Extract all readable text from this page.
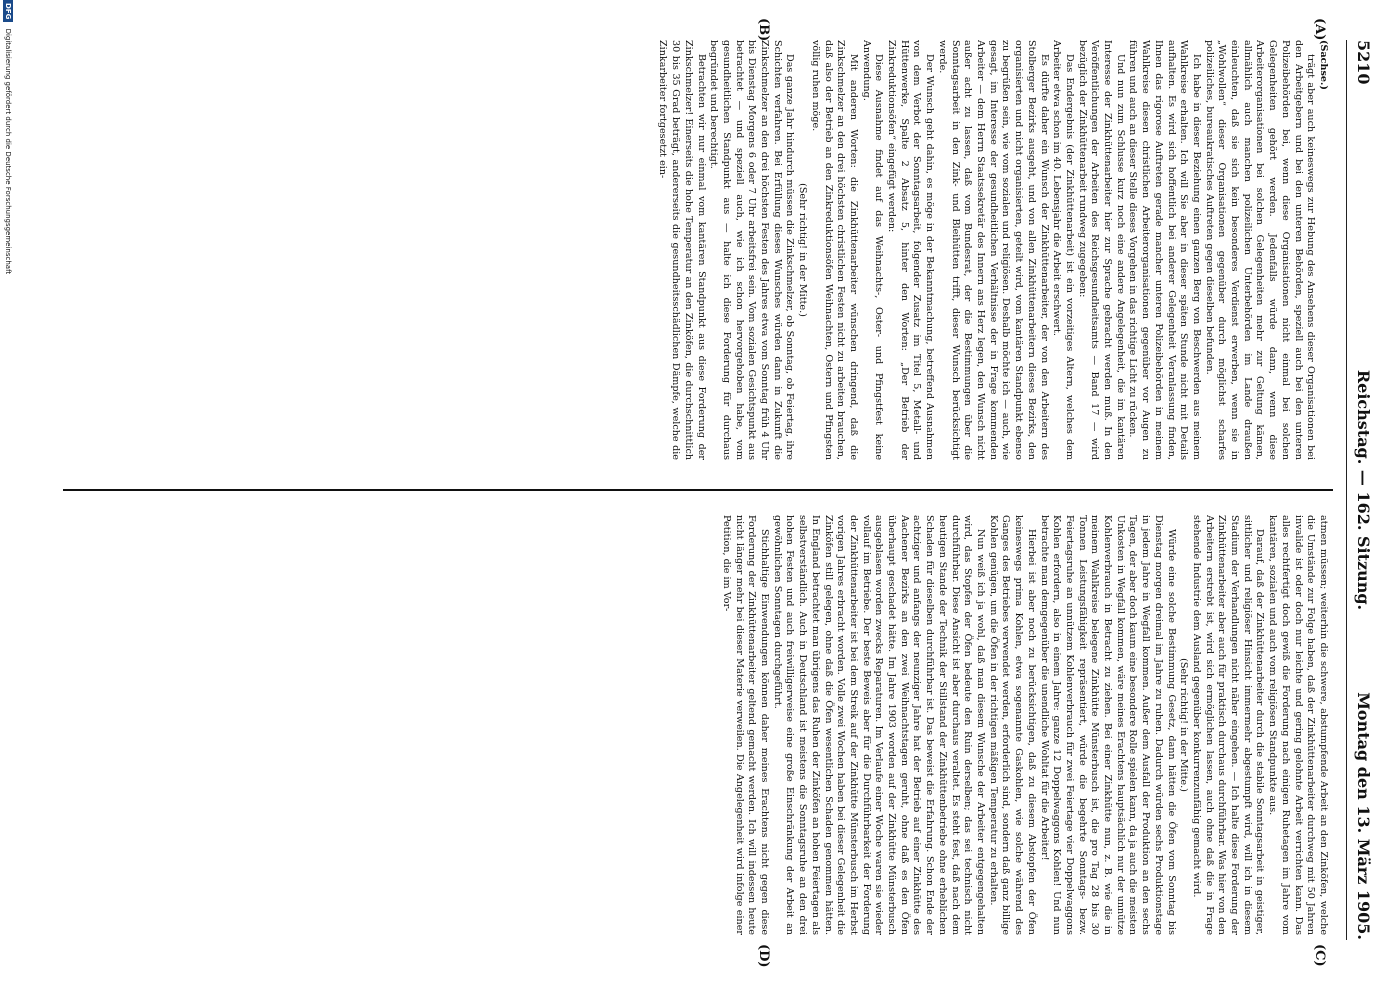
5210
Reichstag. — 162. Sitzung.
Montag den 13. März 1905.
(A)
(B)
(C)
(D)

(Sachse.)

trägt aber auch keineswegs zur Hebung des Ansehens dieser Organisationen bei den Arbeitgebern und bei den unteren Behörden, speziell auch bei den unteren Polizeibehörden bei, wenn diese Organisationen nicht einmal bei solchen Gelegenheiten gehört werden. Jedenfalls würde dann, wenn diese Arbeiterorganisationen bei solchen Gelegenheiten mehr zur Geltung kämen, allmählich auch manchen polizeilichen Unterbehörden im Lande draußen einleuchten, daß sie sich kein besonderes Verdienst erwerben, wenn sie in „Wohlwollen“ dieser Organisationen gegenüber durch möglichst scharfes polizeiliches, bureaukratisches Auftreten gegen dieselben befunden.

Ich habe in dieser Beziehung einen ganzen Berg von Beschwerden aus meinem Wahlkreise erhalten. Ich will Sie aber in dieser späten Stunde nicht mit Details aufhalten. Es wird sich hoffentlich bei anderer Gelegenheit Veranlassung finden, Ihnen das rigorose Auftreten gerade mancher unteren Polizeibehörden in meinem Wahlkreise diesen christlichen Arbeiterorganisationen gegenüber vor Augen zu führen und auch an dieser Stelle dieses Vorgehen in das richtige Licht zu rücken.

Und nun zum Schlusse kurz noch eine andere Angelegenheit, die im kantären Interesse der Zinkhüttenarbeiter hier zur Sprache gebracht werden muß. In den Veröffentlichungen der Arbeiten des Reichsgesundheitsamts — Band 17 — wird bezüglich der Zinkhüttenarbeit rundweg zugegeben:

Das Endergebnis (der Zinkhüttenarbeit) ist ein vorzeitiges Altern, welches dem Arbeiter etwa schon im 40. Lebensjahr die Arbeit erschwert.

Es dürfte daher ein Wunsch der Zinkhüttenarbeiter, der von den Arbeitern des Stolberger Bezirks ausgeht, und von allen Zinkhüttenarbeitern dieses Bezirks, den organisierten und nicht organisierten, geteilt wird, vom kantären Standpunkt ebenso zu begrüßen sein, wie vom sozialen und religiösen. Deshalb möchte ich — auch, wie gesagt, im Interesse der gesundheitlichen Verhältnisse der in Frage kommenden Arbeiter — dem Herrn Staatssekretär des Innern ans Herz legen, den Wunsch nicht außer acht zu lassen, daß vom Bundesrat, der die Bestimmungen über die Sonntagsarbeit in den Zink- und Bleihütten trifft, dieser Wunsch berücksichtigt werde.

Der Wunsch geht dahin, es möge in der Bekanntmachung, betreffend Ausnahmen von dem Verbot der Sonntagsarbeit, folgender Zusatz im Titel 5, Metall- und Hüttenwerke, Spalte 2 Absatz 5, hinter den Worten: „Der Betrieb der Zinkreduktionsöfen“ eingefügt werden:

Diese Ausnahme findet auf das Weihnachts-, Oster- und Pfingstfest keine Anwendung.

Mit anderen Worten: die Zinkhüttenarbeiter wünschen dringend, daß die Zinkschmelzer an den drei höchsten christlichen Festen nicht zu arbeiten brauchen, daß also der Betrieb an den Zinkreduktionsöfen Weihnachten, Ostern und Pfingsten völlig ruhen möge.

(Sehr richtig! in der Mitte.)

Das ganze Jahr hindurch müssen die Zinkschmelzer, ob Sonntag, ob Feiertag, ihre Schichten verfahren. Bei Erfüllung dieses Wunsches würden dann in Zukunft die Zinkschmelzer an den drei höchsten Festen des Jahres etwa vom Sonntag früh 4 Uhr bis Dienstag Morgens 6 oder 7 Uhr arbeitsfrei sein. Vom sozialen Gesichtspunkt aus betrachtet — und speziell auch, wie ich schon hervorgehoben habe, vom gesundheitlichen Standpunkt aus — halte ich diese Forderung für durchaus begründet und berechtigt.

Betrachten wir nur einmal vom kantären Standpunkt aus diese Forderung der Zinkschmelzer! Einerseits die hohe Temperatur an den Zinköfen, die durchschnittlich 30 bis 35 Grad beträgt, andererseits die gesundheitsschädlichen Dämpfe, welche die Zinkarbeiter fortgesetzt ein-

atmen müssen; weiterhin die schwere, abstumpfende Arbeit an den Zinköfen, welche die Umstände zur Folge haben, daß der Zinkhüttenarbeiter durchweg mit 50 Jahren invalide ist oder doch nur leichte und gering gelohnte Arbeit verrichten kann. Das alles rechtfertigt doch gewiß die Forderung nach einigen Ruhetagen im Jahre vom kantären, sozialen und auch vom religiösen Standpunkte aus.

Darauf, daß der Zinkhüttenarbeiter durch die stabile Sonntagsarbeit in geistiger, sittlicher und religiöser Hinsicht immermehr abgestumpft wird, will ich in diesem Stadium der Verhandlungen nicht näher eingehen. — Ich halte diese Forderung der Zinkhüttenarbeiter aber auch für praktisch durchaus durchführbar. Was hier von den Arbeitern erstrebt ist, wird sich ermöglichen lassen, auch ohne daß die in Frage stehende Industrie dem Ausland gegenüber konkurrenzunfähig gemacht wird.

(Sehr richtig! in der Mitte.)

Würde eine solche Bestimmung Gesetz, dann hätten die Öfen vom Sonntag bis Dienstag morgen dreimal im Jahre zu ruhen. Dadurch würden sechs Produktionstage in jedem Jahre in Wegfall kommen. Außer dem Ausfall der Produktion an den sechs Tagen, der aber doch kaum eine besondere Rolle spielen kann, da ja auch die meisten Unkosten in Wegfall kommen, wäre meines Erachtens hauptsächlich nur der unnütze Kohlenverbrauch in Betracht zu ziehen. Bei einer Zinkhütte nun, z. B. wie die in meinem Wahlkreise belegene Zinkhütte Münsterbusch ist, die pro Tag 28 bis 30 Tonnen Leistungsfähigkeit repräsentiert, würde die begehrte Sonntags- bezw. Feiertagsruhe an unnützem Kohlenverbrauch für zwei Feiertage vier Doppelwaggons Kohlen erfordern, also in einem Jahre: ganze 12 Doppelwaggons Kohlen! Und nun betrachte man demgegenüber die unendliche Wohltat für die Arbeiter!

Hierbei ist aber noch zu berücksichtigen, daß zu diesem Abstopfen der Öfen keineswegs prima Kohlen, etwa sogenannte Gaskohlen, wie solche während des Ganges des Betriebes verwendet werden, erforderlich sind, sondern daß ganz billige Kohlen genügen, um die Öfen in der richtigen mäßigen Temperatur zu erhalten.

Nun weiß ich ja wohl, daß man diesem Wunsche der Arbeiter entgegengehalten wird, das Stopfen der Öfen bedeute den Ruin derselben; das sei technisch nicht durchführbar. Diese Ansicht ist aber durchaus veraltet. Es steht fest, daß nach dem heutigen Stande der Technik der Stillstand der Zinkhüttenbetriebe ohne erheblichen Schaden für dieselben durchführbar ist. Das beweist die Erfahrung. Schon Ende der achtziger und anfangs der neunziger Jahre hat der Betrieb auf einer Zinkhütte des Aachener Bezirks an den zwei Weihnachtstagen geruht, ohne daß es den Öfen überhaupt geschadet hätte. Im Jahre 1903 worden auf der Zinkhütte Münsterbusch ausgeblasen worden zwecks Reparaturen. Im Verlaufe einer Woche waren sie wieder vollauf im Betriebe. Der beste Beweis aber für die Durchführbarkeit der Forderung der Zinkhüttenarbeiter ist bei dem Streik auf der Zinkhütte Münsterbusch im Herbst vorigen Jahres erbracht worden. Volle zwei Wochen haben bei dieser Gelegenheit die Zinköfen still gelegen, ohne daß die Öfen wesentlichen Schaden genommen hätten. In England betrachtet man übrigens das Ruhen der Zinköfen an hohen Feiertagen als selbstverständlich. Auch in Deutschland ist meistens die Sonntagsruhe an den drei hohen Festen und auch freiwilligerweise eine große Einschränkung der Arbeit an gewöhnlichen Sonntagen durchgeführt.

Stichhaltige Einwendungen können daher meines Erachtens nicht gegen diese Forderung der Zinkhüttenarbeiter geltend gemacht werden. Ich will indessen heute nicht länger mehr bei dieser Materie verweilen. Die Angelegenheit wird infolge einer Petition, die im Vor-

DFG Digitalisierung gefördert durch die Deutsche Forschungsgemeinschaft
